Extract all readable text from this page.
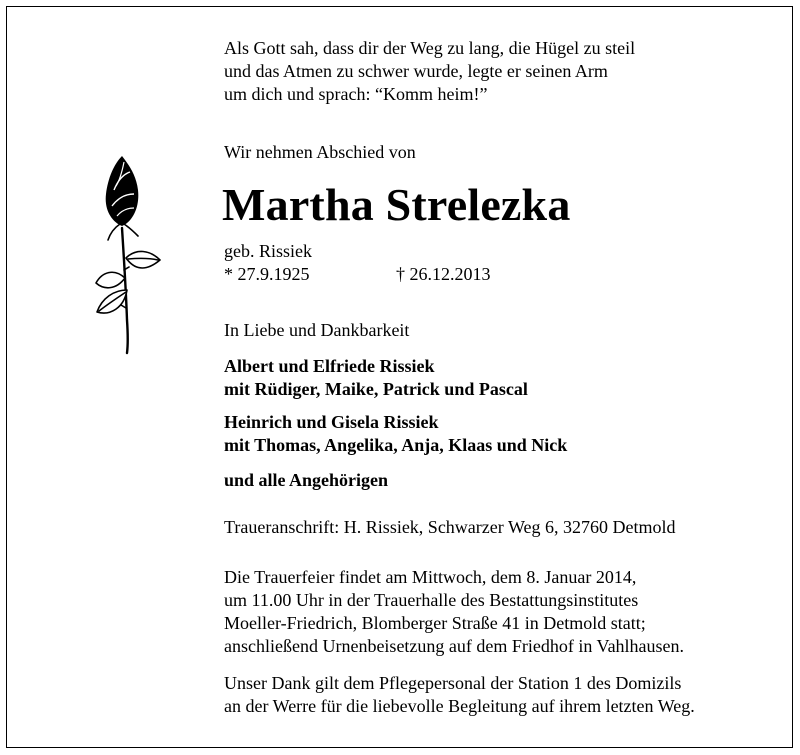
Als Gott sah, dass dir der Weg zu lang, die Hügel zu steil
und das Atmen zu schwer wurde, legte er seinen Arm
um dich und sprach: “Komm heim!”
Wir nehmen Abschied von
Martha Strelezka
geb. Rissiek
* 27.9.1925	† 26.12.2013
In Liebe und Dankbarkeit
Albert und Elfriede Rissiek
mit Rüdiger, Maike, Patrick und Pascal
Heinrich und Gisela Rissiek
mit Thomas, Angelika, Anja, Klaas und Nick
und alle Angehörigen
Traueranschrift: H. Rissiek, Schwarzer Weg 6, 32760 Detmold
Die Trauerfeier findet am Mittwoch, dem 8. Januar 2014,
um 11.00 Uhr in der Trauerhalle des Bestattungsinstitutes
Moeller-Friedrich, Blomberger Straße 41 in Detmold statt;
anschließend Urnenbeisetzung auf dem Friedhof in Vahlhausen.
Unser Dank gilt dem Pflegepersonal der Station 1 des Domizils
an der Werre für die liebevolle Begleitung auf ihrem letzten Weg.
